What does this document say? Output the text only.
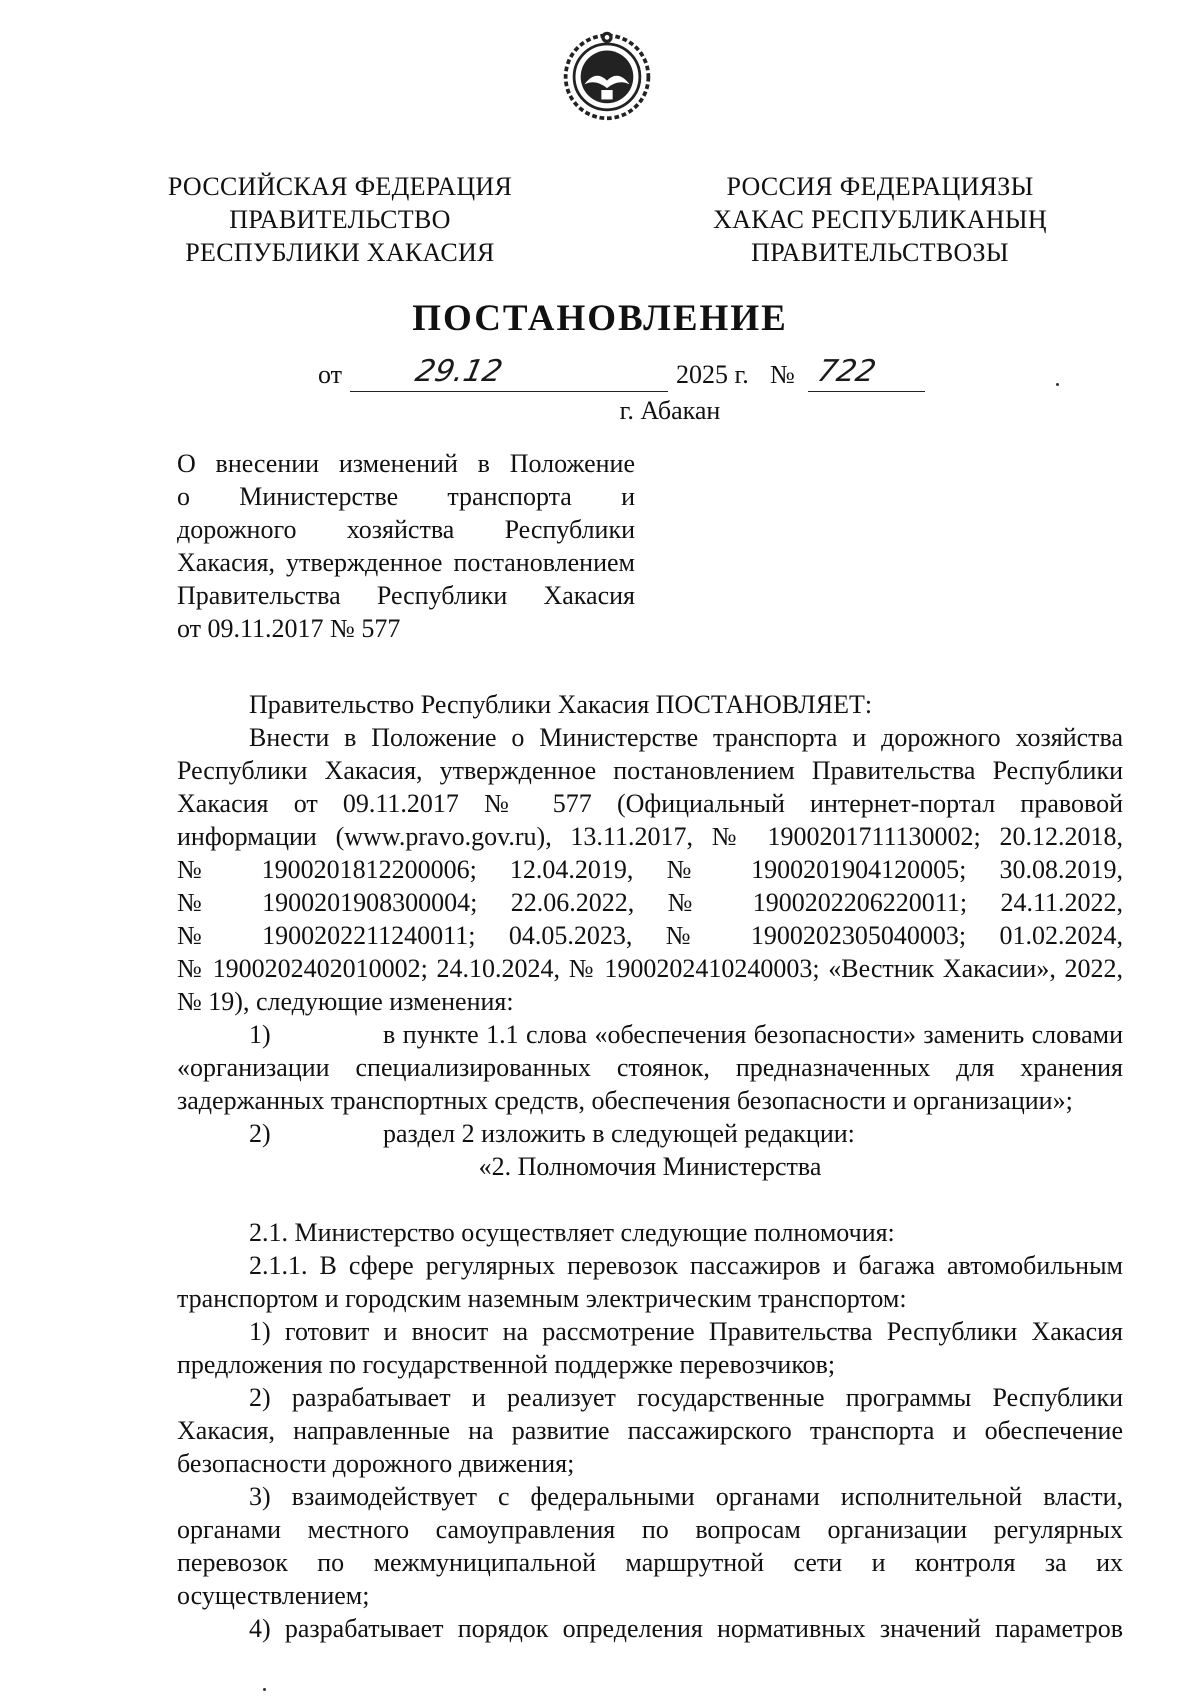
РОССИЙСКАЯ ФЕДЕРАЦИЯ
ПРАВИТЕЛЬСТВО
РЕСПУБЛИКИ ХАКАСИЯ
РОССИЯ ФЕДЕРАЦИЯЗЫ
ХАКАС РЕСПУБЛИКАНЫҢ
ПРАВИТЕЛЬСТВОЗЫ
ПОСТАНОВЛЕНИЕ
от 29.12	2025 г. № 722
г. Абакан
О внесении изменений в Положение
о Министерстве транспорта и
дорожного хозяйства Республики
Хакасия, утвержденное постановлением
Правительства Республики Хакасия
от 09.11.2017 № 577
Правительство Республики Хакасия ПОСТАНОВЛЯЕТ:
Внести в Положение о Министерстве транспорта и дорожного хозяйства
Республики Хакасия, утвержденное постановлением Правительства Республики
Хакасия от 09.11.2017 № 577 (Официальный интернет-портал правовой
информации (www.pravo.gov.ru), 13.11.2017, № 1900201711130002; 20.12.2018,
№ 1900201812200006; 12.04.2019, № 1900201904120005; 30.08.2019,
№ 1900201908300004; 22.06.2022, № 1900202206220011; 24.11.2022,
№ 1900202211240011; 04.05.2023, № 1900202305040003; 01.02.2024,
№ 1900202402010002; 24.10.2024, № 1900202410240003; «Вестник Хакасии», 2022,
№ 19), следующие изменения:
1)	в пункте 1.1 слова «обеспечения безопасности» заменить словами
«организации специализированных стоянок, предназначенных для хранения
задержанных транспортных средств, обеспечения безопасности и организации»;
2)	раздел 2 изложить в следующей редакции:
«2. Полномочия Министерства
2.1. Министерство осуществляет следующие полномочия:
2.1.1. В сфере регулярных перевозок пассажиров и багажа автомобильным
транспортом и городским наземным электрическим транспортом:
1) готовит и вносит на рассмотрение Правительства Республики Хакасия
предложения по государственной поддержке перевозчиков;
2) разрабатывает и реализует государственные программы Республики
Хакасия, направленные на развитие пассажирского транспорта и обеспечение
безопасности дорожного движения;
3) взаимодействует с федеральными органами исполнительной власти,
органами местного самоуправления по вопросам организации регулярных
перевозок по межмуниципальной маршрутной сети и контроля за их
осуществлением;
4) разрабатывает порядок определения нормативных значений параметров
